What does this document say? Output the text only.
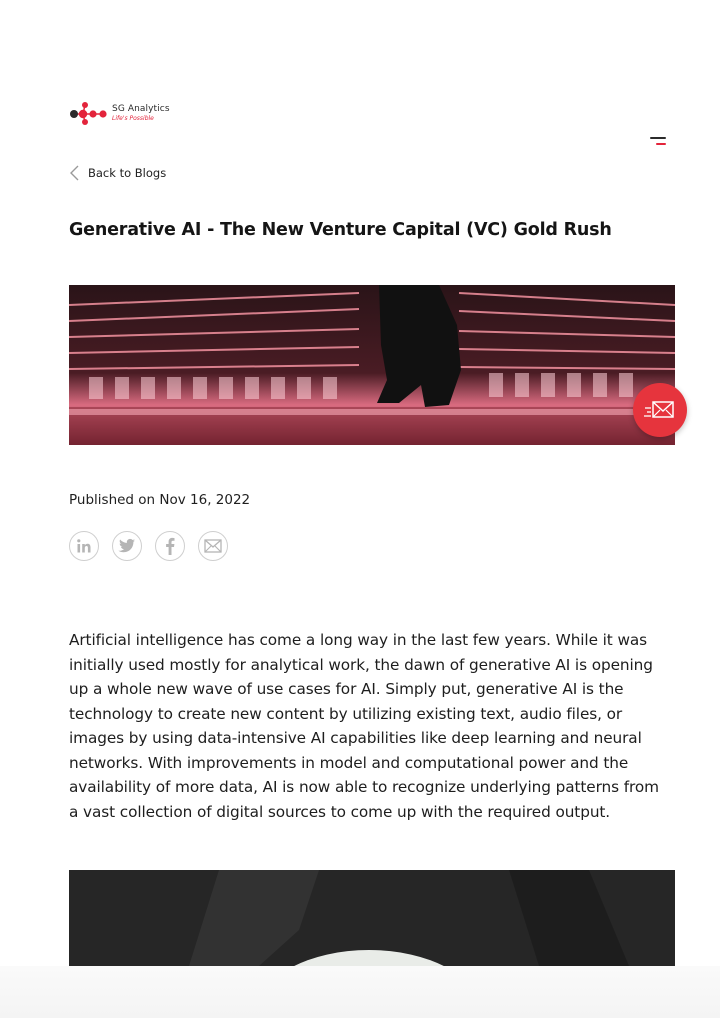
SG Analytics
Life's Possible
Back to Blogs
Generative AI - The New Venture Capital (VC) Gold Rush
Published on Nov 16, 2022

Artificial intelligence has come a long way in the last few years. While it was initially used mostly for analytical work, the dawn of generative AI is opening up a whole new wave of use cases for AI. Simply put, generative AI is the technology to create new content by utilizing existing text, audio files, or images by using data-intensive AI capabilities like deep learning and neural networks. With improvements in model and computational power and the availability of more data, AI is now able to recognize underlying patterns from a vast collection of digital sources to come up with the required output.
